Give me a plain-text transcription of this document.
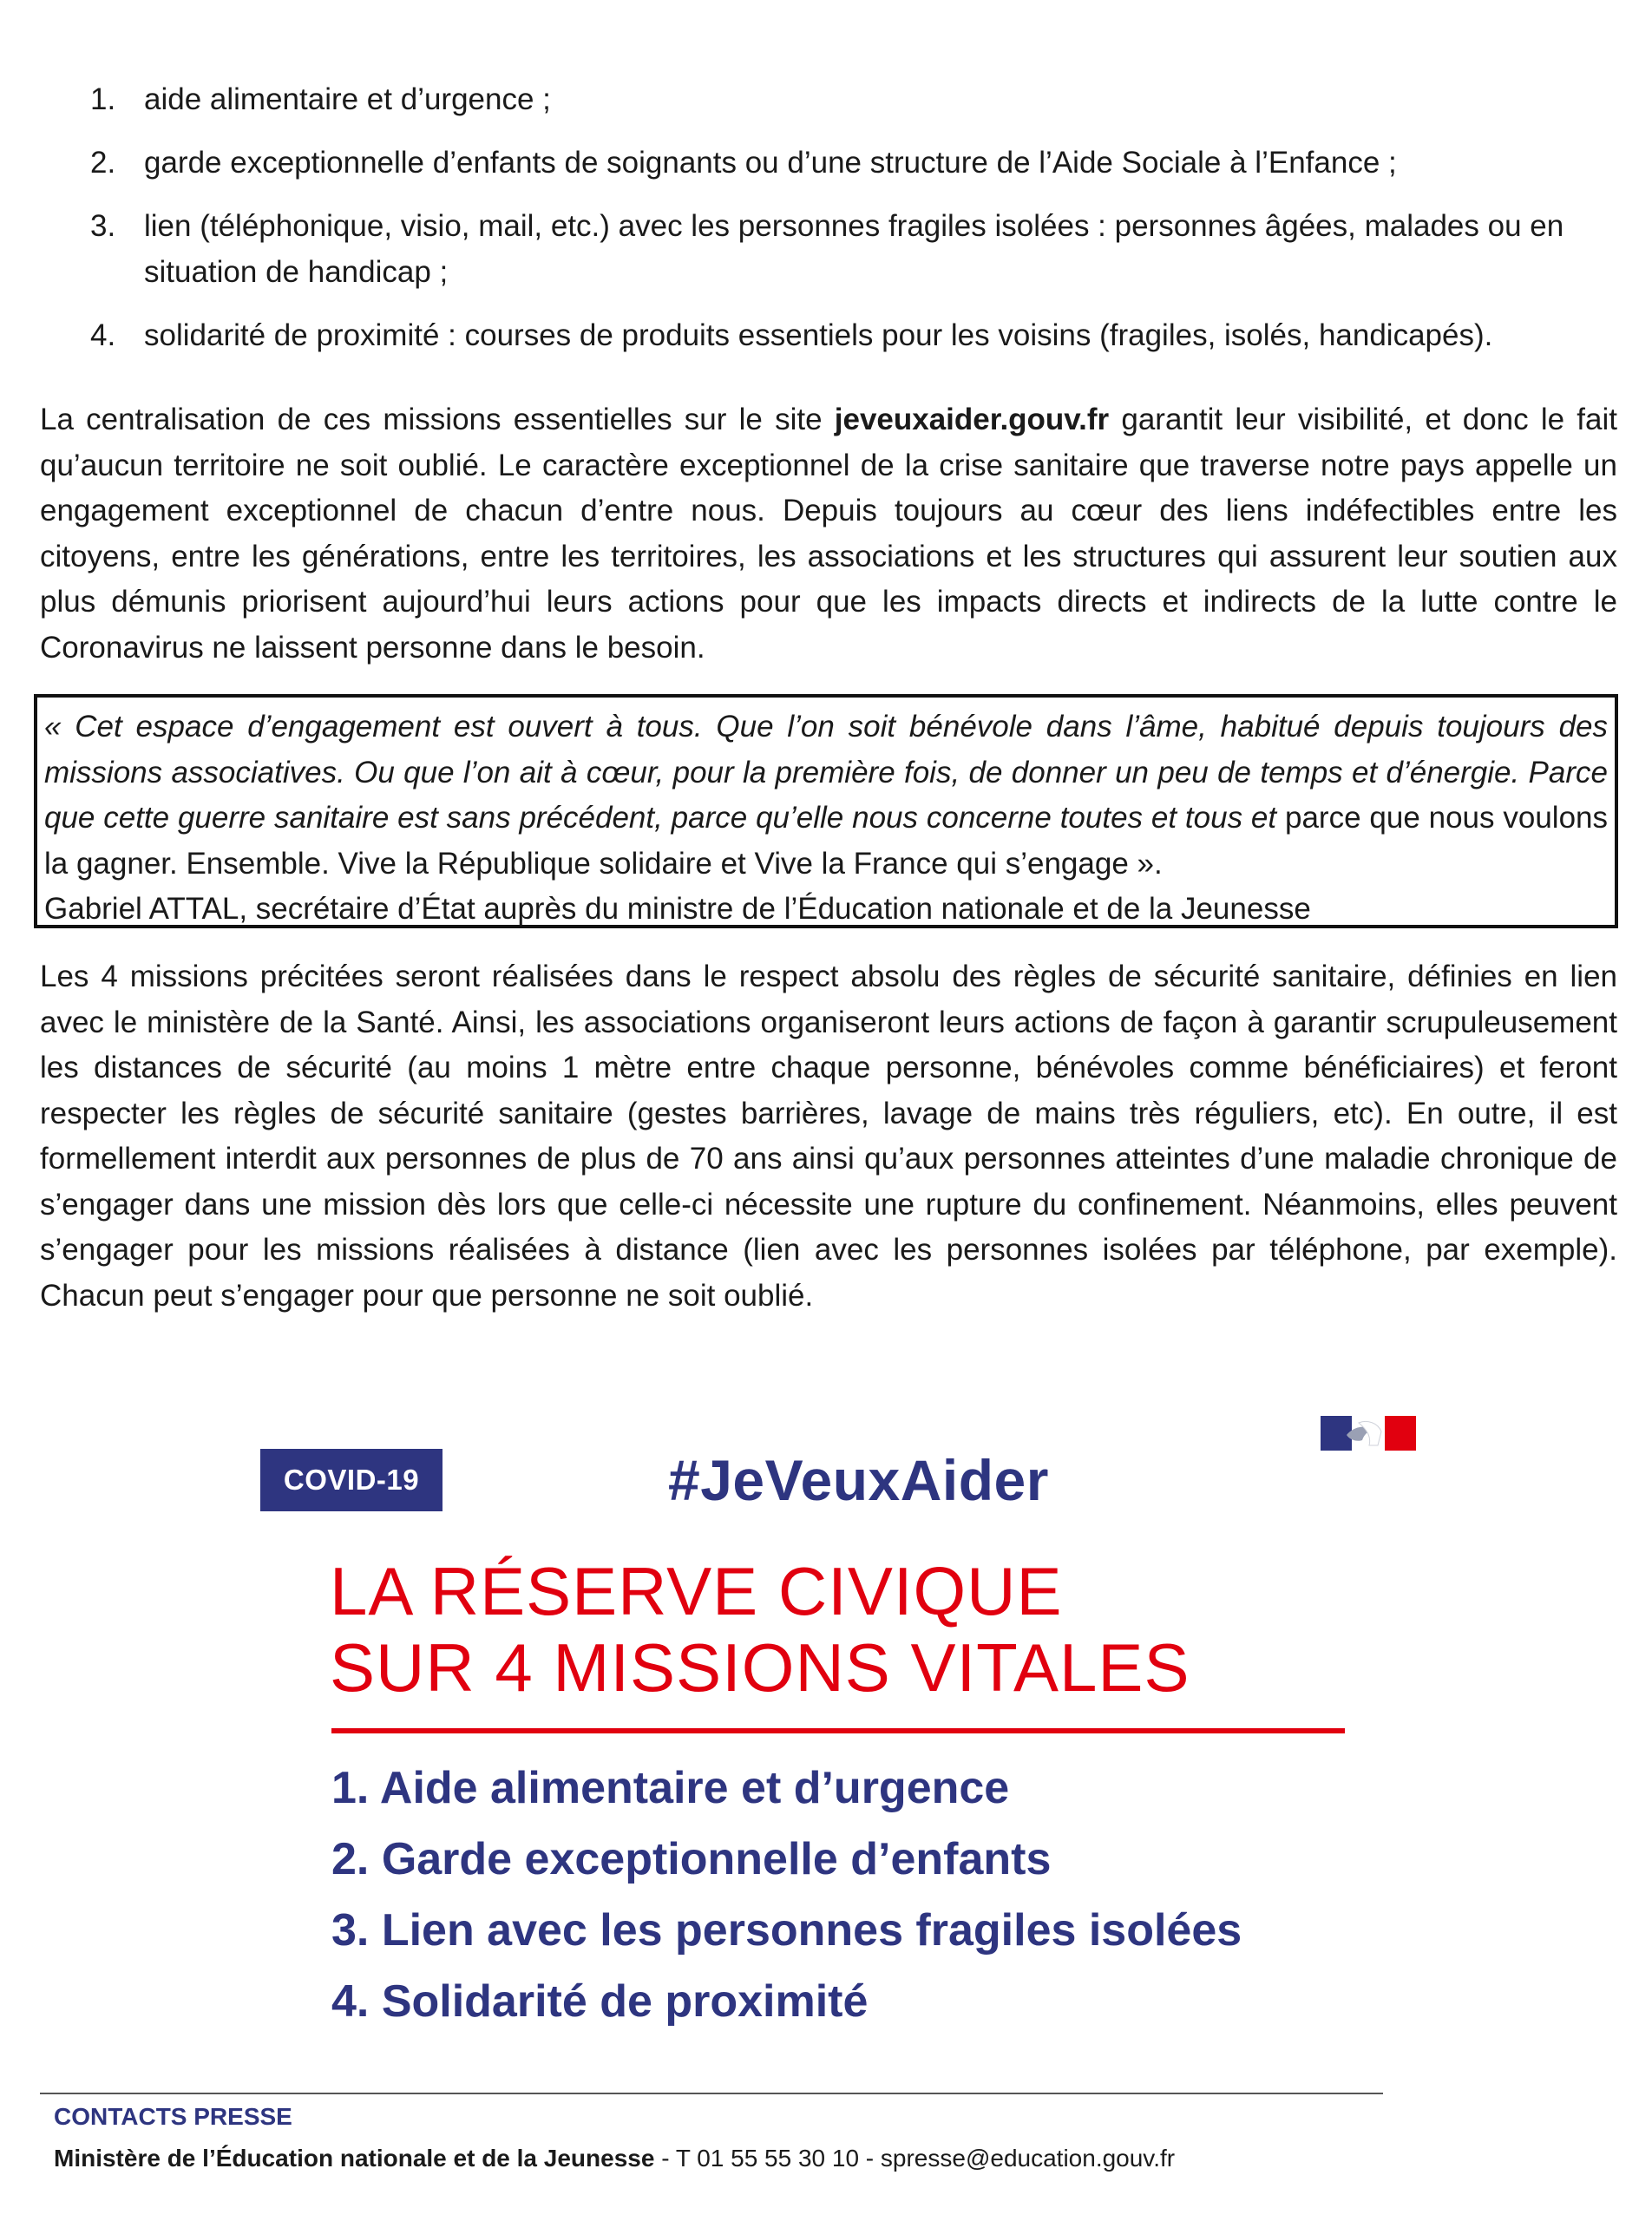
1. aide alimentaire et d’urgence ;
2. garde exceptionnelle d’enfants de soignants ou d’une structure de l’Aide Sociale à l’Enfance ;
3. lien (téléphonique, visio, mail, etc.) avec les personnes fragiles isolées : personnes âgées, malades ou en situation de handicap ;
4. solidarité de proximité : courses de produits essentiels pour les voisins (fragiles, isolés, handicapés).

La centralisation de ces missions essentielles sur le site jeveuxaider.gouv.fr garantit leur visibilité, et donc le fait qu’aucun territoire ne soit oublié. Le caractère exceptionnel de la crise sanitaire que traverse notre pays appelle un engagement exceptionnel de chacun d’entre nous. Depuis toujours au cœur des liens indéfectibles entre les citoyens, entre les générations, entre les territoires, les associations et les structures qui assurent leur soutien aux plus démunis priorisent aujourd’hui leurs actions pour que les impacts directs et indirects de la lutte contre le Coronavirus ne laissent personne dans le besoin.

« Cet espace d’engagement est ouvert à tous. Que l’on soit bénévole dans l’âme, habitué depuis toujours des missions associatives. Ou que l’on ait à cœur, pour la première fois, de donner un peu de temps et d’énergie. Parce que cette guerre sanitaire est sans précédent, parce qu’elle nous concerne toutes et tous et parce que nous voulons la gagner. Ensemble. Vive la République solidaire et Vive la France qui s’engage ».
Gabriel ATTAL, secrétaire d’État auprès du ministre de l’Éducation nationale et de la Jeunesse

Les 4 missions précitées seront réalisées dans le respect absolu des règles de sécurité sanitaire, définies en lien avec le ministère de la Santé. Ainsi, les associations organiseront leurs actions de façon à garantir scrupuleusement les distances de sécurité (au moins 1 mètre entre chaque personne, bénévoles comme bénéficiaires) et feront respecter les règles de sécurité sanitaire (gestes barrières, lavage de mains très réguliers, etc). En outre, il est formellement interdit aux personnes de plus de 70 ans ainsi qu’aux personnes atteintes d’une maladie chronique de s’engager dans une mission dès lors que celle-ci nécessite une rupture du confinement. Néanmoins, elles peuvent s’engager pour les missions réalisées à distance (lien avec les personnes isolées par téléphone, par exemple). Chacun peut s’engager pour que personne ne soit oublié.

COVID-19	#JeVeuxAider
LA RÉSERVE CIVIQUE
SUR 4 MISSIONS VITALES
1. Aide alimentaire et d’urgence
2. Garde exceptionnelle d’enfants
3. Lien avec les personnes fragiles isolées
4. Solidarité de proximité
CONTACTS PRESSE
Ministère de l’Éducation nationale et de la Jeunesse - T 01 55 55 30 10 - spresse@education.gouv.fr
